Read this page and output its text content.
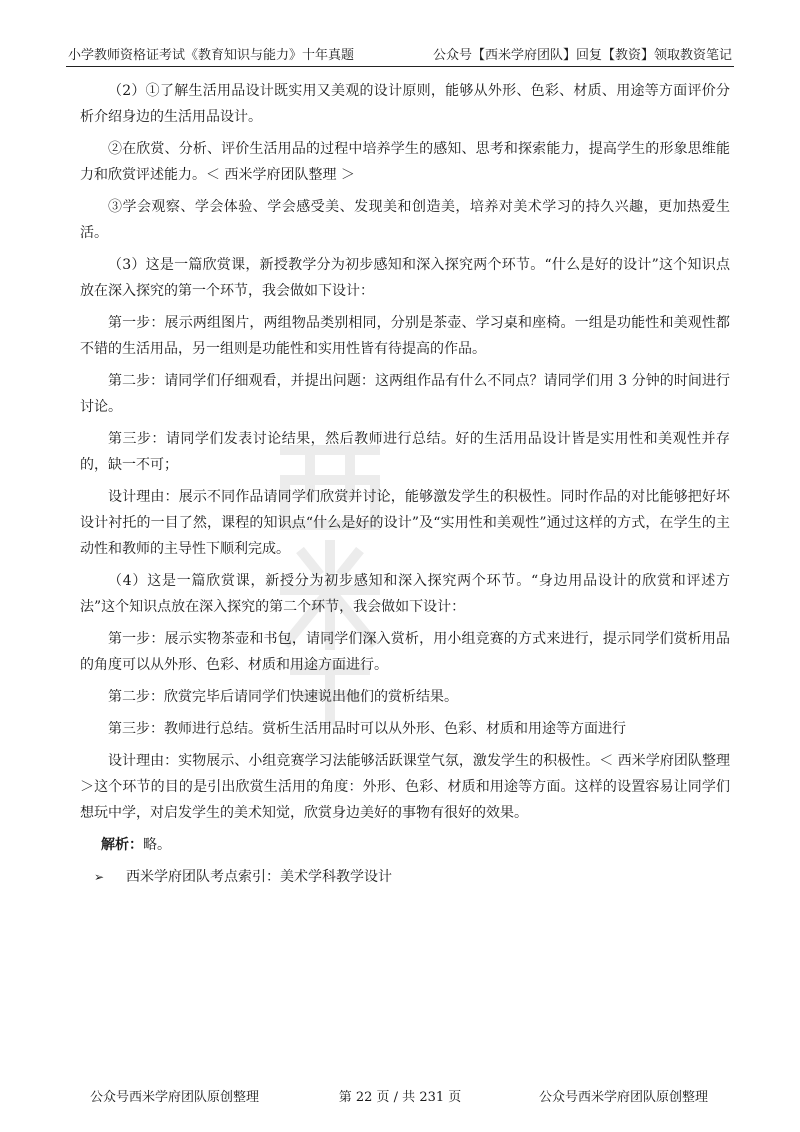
小学教师资格证考试《教育知识与能力》十年真题	公众号【西米学府团队】回复【教资】领取教资笔记

（2）①了解生活用品设计既实用又美观的设计原则，能够从外形、色彩、材质、用途等方面评价分析介绍身边的生活用品设计。

②在欣赏、分析、评价生活用品的过程中培养学生的感知、思考和探索能力，提高学生的形象思维能力和欣赏评述能力。＜ 西米学府团队整理 ＞

③学会观察、学会体验、学会感受美、发现美和创造美，培养对美术学习的持久兴趣，更加热爱生活。

（3）这是一篇欣赏课，新授教学分为初步感知和深入探究两个环节。“什么是好的设计”这个知识点放在深入探究的第一个环节，我会做如下设计：

第一步：展示两组图片，两组物品类别相同，分别是茶壶、学习桌和座椅。一组是功能性和美观性都不错的生活用品，另一组则是功能性和实用性皆有待提高的作品。

第二步：请同学们仔细观看，并提出问题：这两组作品有什么不同点？请同学们用 3 分钟的时间进行讨论。

第三步：请同学们发表讨论结果，然后教师进行总结。好的生活用品设计皆是实用性和美观性并存的，缺一不可；

设计理由：展示不同作品请同学们欣赏并讨论，能够激发学生的积极性。同时作品的对比能够把好坏设计衬托的一目了然，课程的知识点“什么是好的设计”及“实用性和美观性”通过这样的方式，在学生的主动性和教师的主导性下顺利完成。

（4）这是一篇欣赏课，新授分为初步感知和深入探究两个环节。“身边用品设计的欣赏和评述方法”这个知识点放在深入探究的第二个环节，我会做如下设计：

第一步：展示实物茶壶和书包，请同学们深入赏析，用小组竞赛的方式来进行，提示同学们赏析用品的角度可以从外形、色彩、材质和用途方面进行。

第二步：欣赏完毕后请同学们快速说出他们的赏析结果。

第三步：教师进行总结。赏析生活用品时可以从外形、色彩、材质和用途等方面进行

设计理由：实物展示、小组竞赛学习法能够活跃课堂气氛，激发学生的积极性。＜ 西米学府团队整理 ＞这个环节的目的是引出欣赏生活用的角度：外形、色彩、材质和用途等方面。这样的设置容易让同学们想玩中学，对启发学生的美术知觉，欣赏身边美好的事物有很好的效果。

解析：略。

➢ 西米学府团队考点索引：美术学科教学设计

公众号西米学府团队原创整理	第 22 页 / 共 231 页	公众号西米学府团队原创整理
